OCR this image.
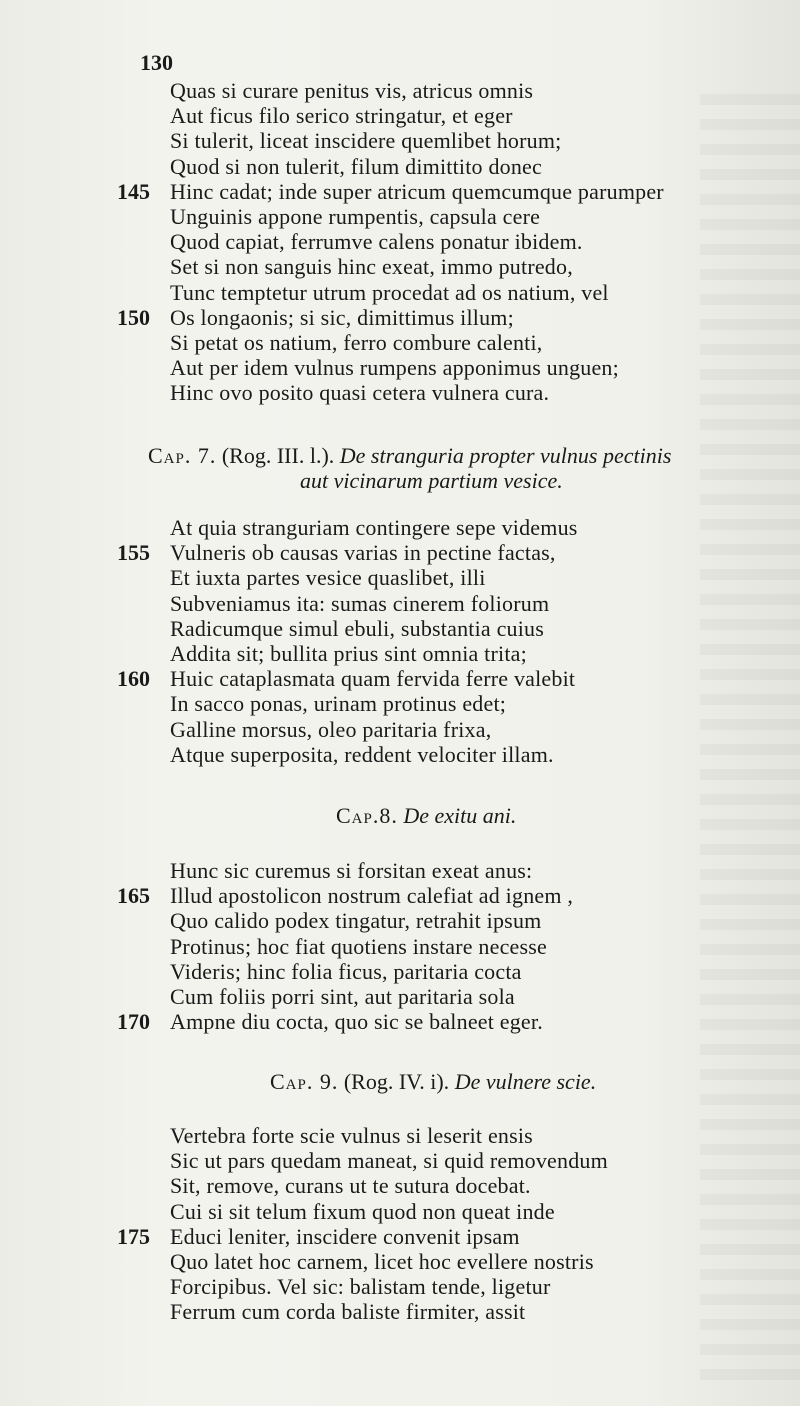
130
Quas si curare penitus vis, atricus omnis
Aut ficus filo serico stringatur, et eger
Si tulerit, liceat inscidere quemlibet horum;
Quod si non tulerit, filum dimittito donec
Hinc cadat; inde super atricum quemcumque parumper
145
Unguinis appone rumpentis, capsula cere
Quod capiat, ferrumve calens ponatur ibidem.
Set si non sanguis hinc exeat, immo putredo,
Tunc temptetur utrum procedat ad os natium, vel
Os longaonis; si sic, dimittimus illum;
150
Si petat os natium, ferro combure calenti,
Aut per idem vulnus rumpens apponimus unguen;
Hinc ovo posito quasi cetera vulnera cura.
Cap. 7. (Rog. III. l.). De stranguria propter vulnus pectinis
aut vicinarum partium vesice.
At quia stranguriam contingere sepe videmus
Vulneris ob causas varias in pectine factas,
155
Et iuxta partes vesice quaslibet, illi
Subveniamus ita: sumas cinerem foliorum
Radicumque simul ebuli, substantia cuius
Addita sit; bullita prius sint omnia trita;
Huic cataplasmata quam fervida ferre valebit
160
In sacco ponas, urinam protinus edet;
Galline morsus, oleo paritaria frixa,
Atque superposita, reddent velociter illam.
Cap.8. De exitu ani.
Hunc sic curemus si forsitan exeat anus:
Illud apostolicon nostrum calefiat ad ignem ,
165
Quo calido podex tingatur, retrahit ipsum
Protinus; hoc fiat quotiens instare necesse
Videris; hinc folia ficus, paritaria cocta
Cum foliis porri sint, aut paritaria sola
Ampne diu cocta, quo sic se balneet eger.
170
Cap. 9. (Rog. IV. i). De vulnere scie.
Vertebra forte scie vulnus si leserit ensis
Sic ut pars quedam maneat, si quid removendum
Sit, remove, curans ut te sutura docebat.
Cui si sit telum fixum quod non queat inde
Educi leniter, inscidere convenit ipsam
175
Quo latet hoc carnem, licet hoc evellere nostris
Forcipibus. Vel sic: balistam tende, ligetur
Ferrum cum corda baliste firmiter, assit
